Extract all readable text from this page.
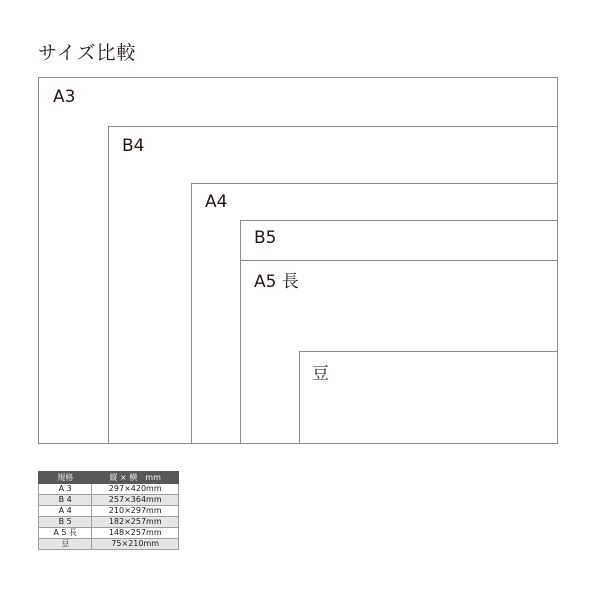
サイズ比較
A3
B4
A4
B5
A5 長
豆
規格	縦 × 横　mm
A 3	297×420mm
B 4	257×364mm
A 4	210×297mm
B 5	182×257mm
A 5 長	148×257mm
豆	75×210mm
